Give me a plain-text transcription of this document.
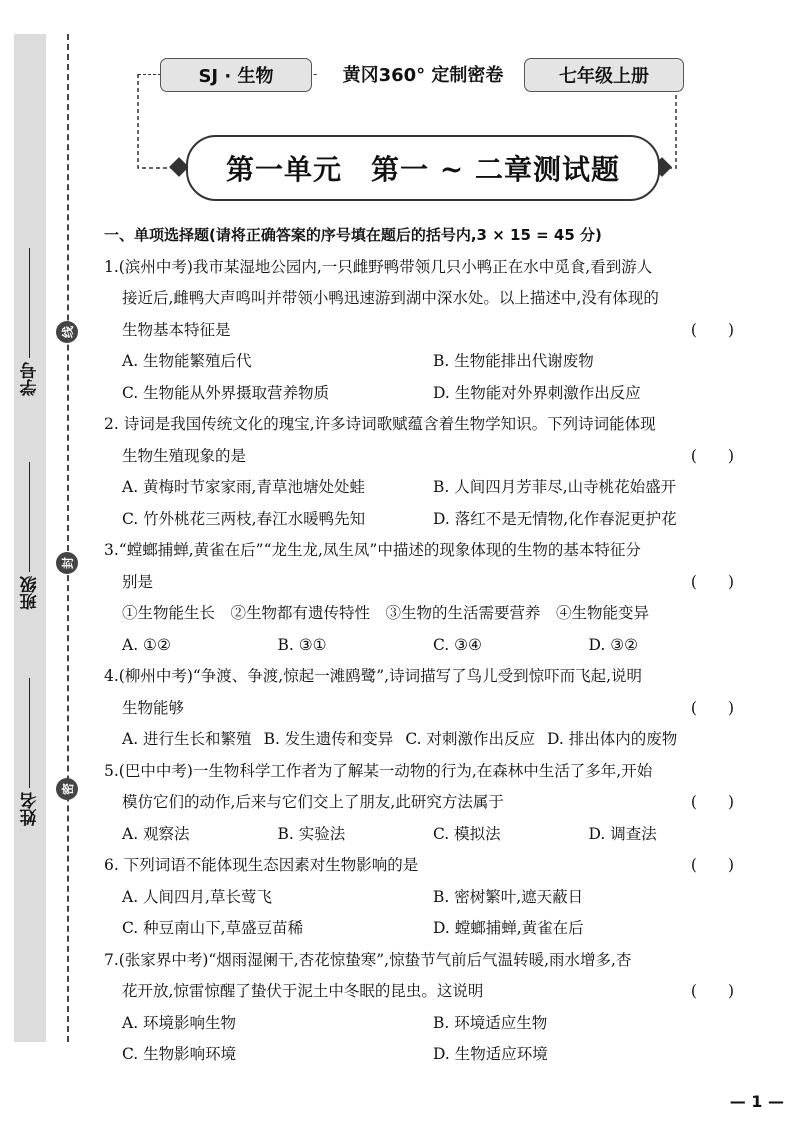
学号
班级
姓名
线
封
密
SJ · 生物	黄冈360° 定制密卷	七年级上册
第一单元　第一 ~ 二章测试题
一、单项选择题(请将正确答案的序号填在题后的括号内,3 × 15 = 45 分)
1.(滨州中考)我市某湿地公园内,一只雌野鸭带领几只小鸭正在水中觅食,看到游人
接近后,雌鸭大声鸣叫并带领小鸭迅速游到湖中深水处。以上描述中,没有体现的
生物基本特征是	(　　)
A. 生物能繁殖后代	B. 生物能排出代谢废物
C. 生物能从外界摄取营养物质	D. 生物能对外界刺激作出反应
2. 诗词是我国传统文化的瑰宝,许多诗词歌赋蕴含着生物学知识。下列诗词能体现
生物生殖现象的是	(　　)
A. 黄梅时节家家雨,青草池塘处处蛙	B. 人间四月芳菲尽,山寺桃花始盛开
C. 竹外桃花三两枝,春江水暖鸭先知	D. 落红不是无情物,化作春泥更护花
3.“螳螂捕蝉,黄雀在后”“龙生龙,凤生凤”中描述的现象体现的生物的基本特征分
别是	(　　)
①生物能生长　②生物都有遗传特性　③生物的生活需要营养　④生物能变异
A. ①②	B. ③①	C. ③④	D. ③②
4.(柳州中考)“争渡、争渡,惊起一滩鸥鹭”,诗词描写了鸟儿受到惊吓而飞起,说明
生物能够	(　　)
A. 进行生长和繁殖 B. 发生遗传和变异 C. 对刺激作出反应 D. 排出体内的废物
5.(巴中中考)一生物科学工作者为了解某一动物的行为,在森林中生活了多年,开始
模仿它们的动作,后来与它们交上了朋友,此研究方法属于	(　　)
A. 观察法	B. 实验法	C. 模拟法	D. 调查法
6. 下列词语不能体现生态因素对生物影响的是	(　　)
A. 人间四月,草长莺飞	B. 密树繁叶,遮天蔽日
C. 种豆南山下,草盛豆苗稀	D. 螳螂捕蝉,黄雀在后
7.(张家界中考)“烟雨湿阑干,杏花惊蛰寒”,惊蛰节气前后气温转暖,雨水增多,杏
花开放,惊雷惊醒了蛰伏于泥土中冬眠的昆虫。这说明	(　　)
A. 环境影响生物	B. 环境适应生物
C. 生物影响环境	D. 生物适应环境
— 1 —
